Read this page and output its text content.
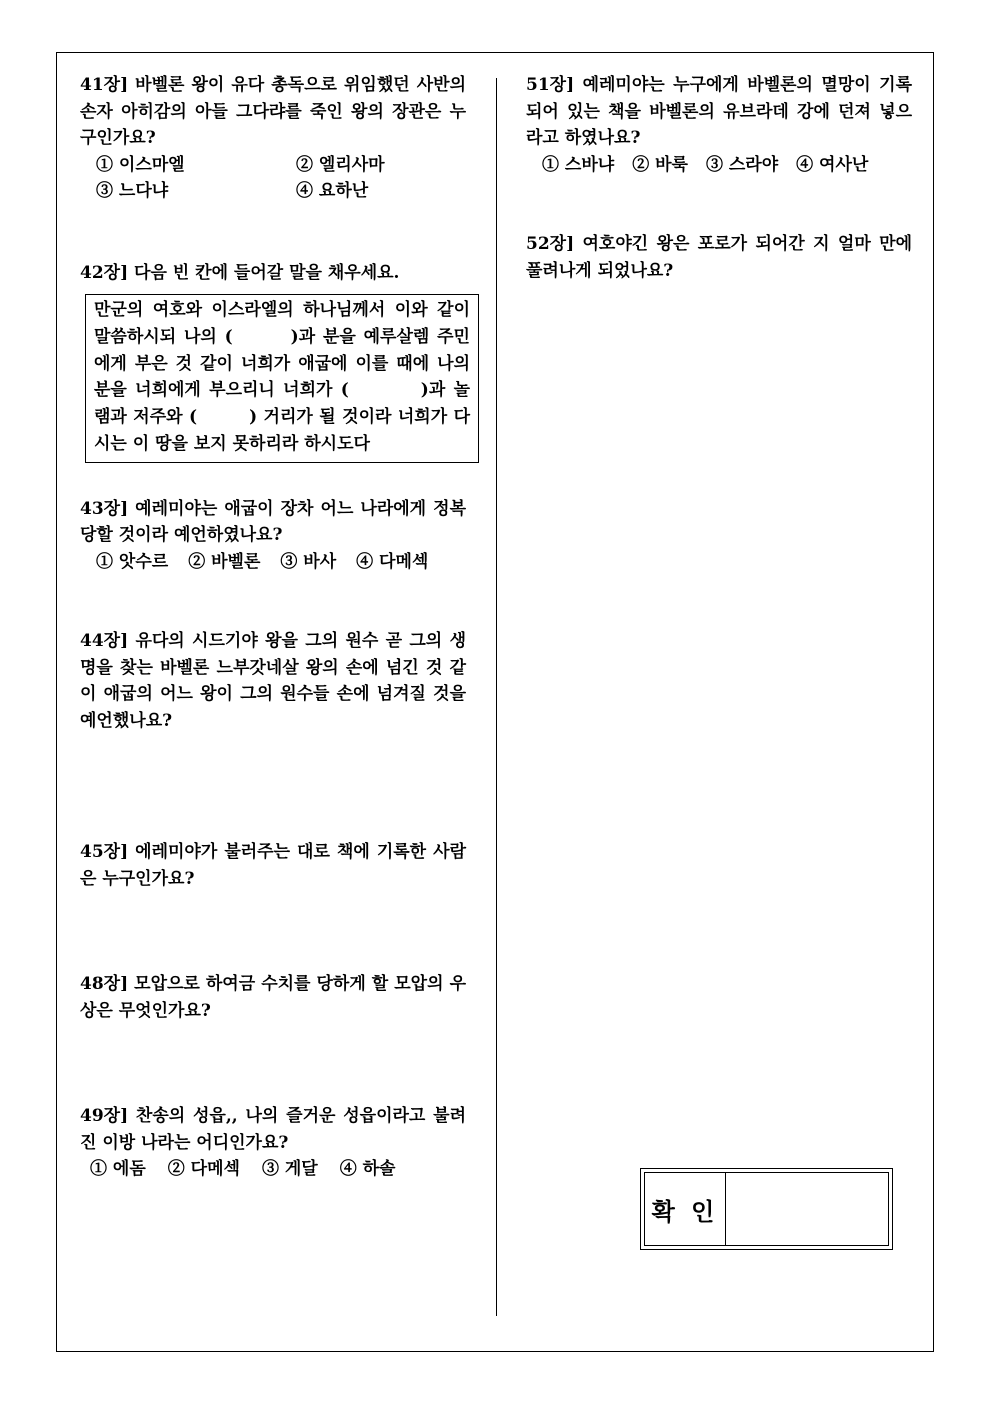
41장] 바벨론 왕이 유다 총독으로 위임했던 사반의 손자 아히감의 아들 그다랴를 죽인 왕의 장관은 누구인가요?

① 이스마엘	② 엘리사마
③ 느다냐	④ 요하난

42장] 다음 빈 칸에 들어갈 말을 채우세요.

만군의 여호와 이스라엘의 하나님께서 이와 같이 말씀하시되 나의 (	)과 분을 예루살렘 주민에게 부은 것 같이 너희가 애굽에 이를 때에 나의 분을 너희에게 부으리니 너희가 (	)과 놀램과 저주와 (	) 거리가 될 것이라 너희가 다시는 이 땅을 보지 못하리라 하시도다

43장] 예레미야는 애굽이 장차 어느 나라에게 정복당할 것이라 예언하였나요?

① 앗수르 ② 바벨론 ③ 바사 ④ 다메섹

44장] 유다의 시드기야 왕을 그의 원수 곧 그의 생명을 찾는 바벨론 느부갓네살 왕의 손에 넘긴 것 같이 애굽의 어느 왕이 그의 원수들 손에 넘겨질 것을 예언했나요?

45장] 에레미야가 불러주는 대로 책에 기록한 사람은 누구인가요?

48장] 모압으로 하여금 수치를 당하게 할 모압의 우상은 무엇인가요?

49장] 찬송의 성읍,, 나의 즐거운 성읍이라고 불려진 이방 나라는 어디인가요?

① 에돔 ② 다메섹 ③ 게달 ④ 하솔

51장] 예레미야는 누구에게 바벨론의 멸망이 기록되어 있는 책을 바벨론의 유브라데 강에 던져 넣으라고 하였나요?

① 스바냐 ② 바룩 ③ 스라야 ④ 여사난

52장] 여호야긴 왕은 포로가 되어간 지 얼마 만에 풀려나게 되었나요?

확 인
